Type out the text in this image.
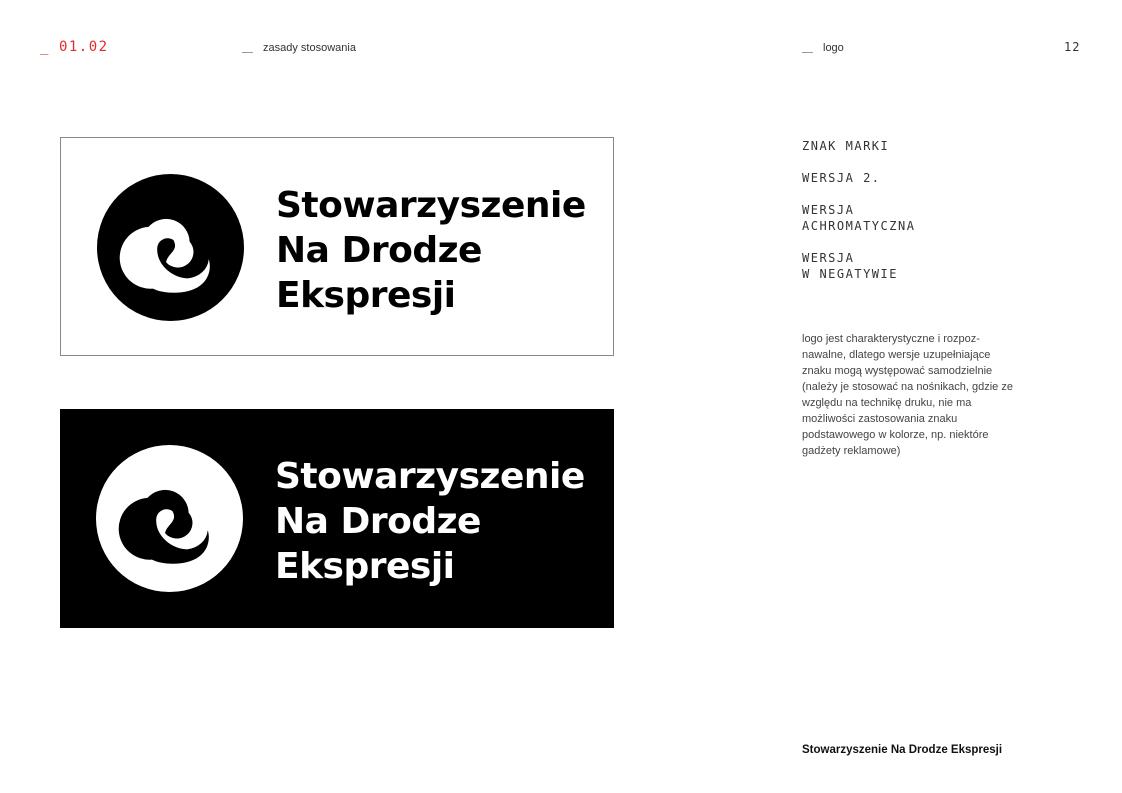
_ 01.02	zasady stosowania	logo	12
Stowarzyszenie
Na Drodze
Ekspresji
Stowarzyszenie
Na Drodze
Ekspresji
ZNAK MARKI
WERSJA 2.
WERSJA
ACHROMATYCZNA
WERSJA
W NEGATYWIE
logo jest charakterystyczne i rozpoz-nawalne, dlatego wersje uzupełniające znaku mogą występować samodzielnie (należy je stosować na nośnikach, gdzie ze względu na technikę druku, nie ma możliwości zastosowania znaku podstawowego w kolorze, np. niektóre gadżety reklamowe)
Stowarzyszenie Na Drodze Ekspresji
